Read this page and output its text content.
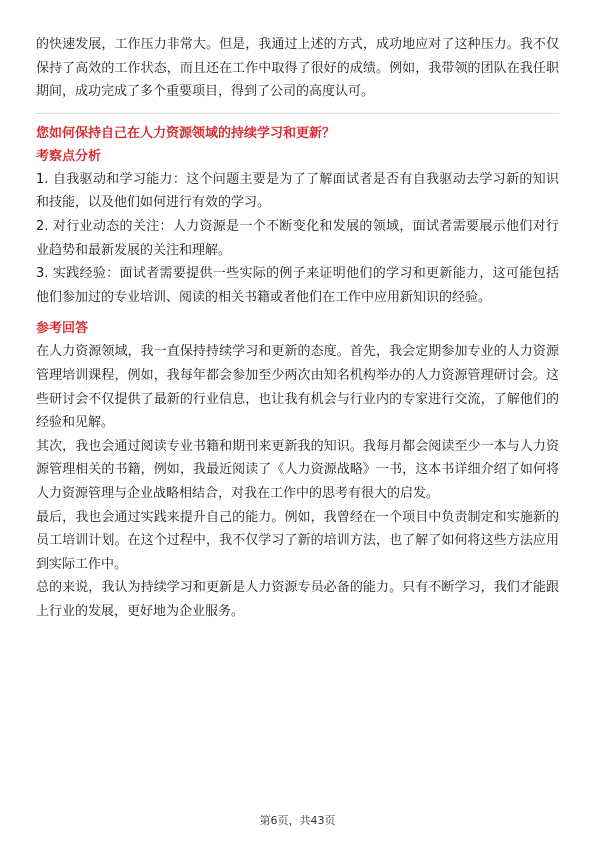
的快速发展，工作压力非常大。但是，我通过上述的方式，成功地应对了这种压力。我不仅保持了高效的工作状态，而且还在工作中取得了很好的成绩。例如，我带领的团队在我任职期间，成功完成了多个重要项目，得到了公司的高度认可。

您如何保持自己在人力资源领域的持续学习和更新？
考察点分析

1. 自我驱动和学习能力：这个问题主要是为了了解面试者是否有自我驱动去学习新的知识和技能，以及他们如何进行有效的学习。

2. 对行业动态的关注：人力资源是一个不断变化和发展的领域，面试者需要展示他们对行业趋势和最新发展的关注和理解。

3. 实践经验：面试者需要提供一些实际的例子来证明他们的学习和更新能力，这可能包括他们参加过的专业培训、阅读的相关书籍或者他们在工作中应用新知识的经验。

参考回答

在人力资源领域，我一直保持持续学习和更新的态度。首先，我会定期参加专业的人力资源管理培训课程，例如，我每年都会参加至少两次由知名机构举办的人力资源管理研讨会。这些研讨会不仅提供了最新的行业信息，也让我有机会与行业内的专家进行交流，了解他们的经验和见解。

其次，我也会通过阅读专业书籍和期刊来更新我的知识。我每月都会阅读至少一本与人力资源管理相关的书籍，例如，我最近阅读了《人力资源战略》一书，这本书详细介绍了如何将人力资源管理与企业战略相结合，对我在工作中的思考有很大的启发。

最后，我也会通过实践来提升自己的能力。例如，我曾经在一个项目中负责制定和实施新的员工培训计划。在这个过程中，我不仅学习了新的培训方法，也了解了如何将这些方法应用到实际工作中。

总的来说，我认为持续学习和更新是人力资源专员必备的能力。只有不断学习，我们才能跟上行业的发展，更好地为企业服务。

第6页，共43页
